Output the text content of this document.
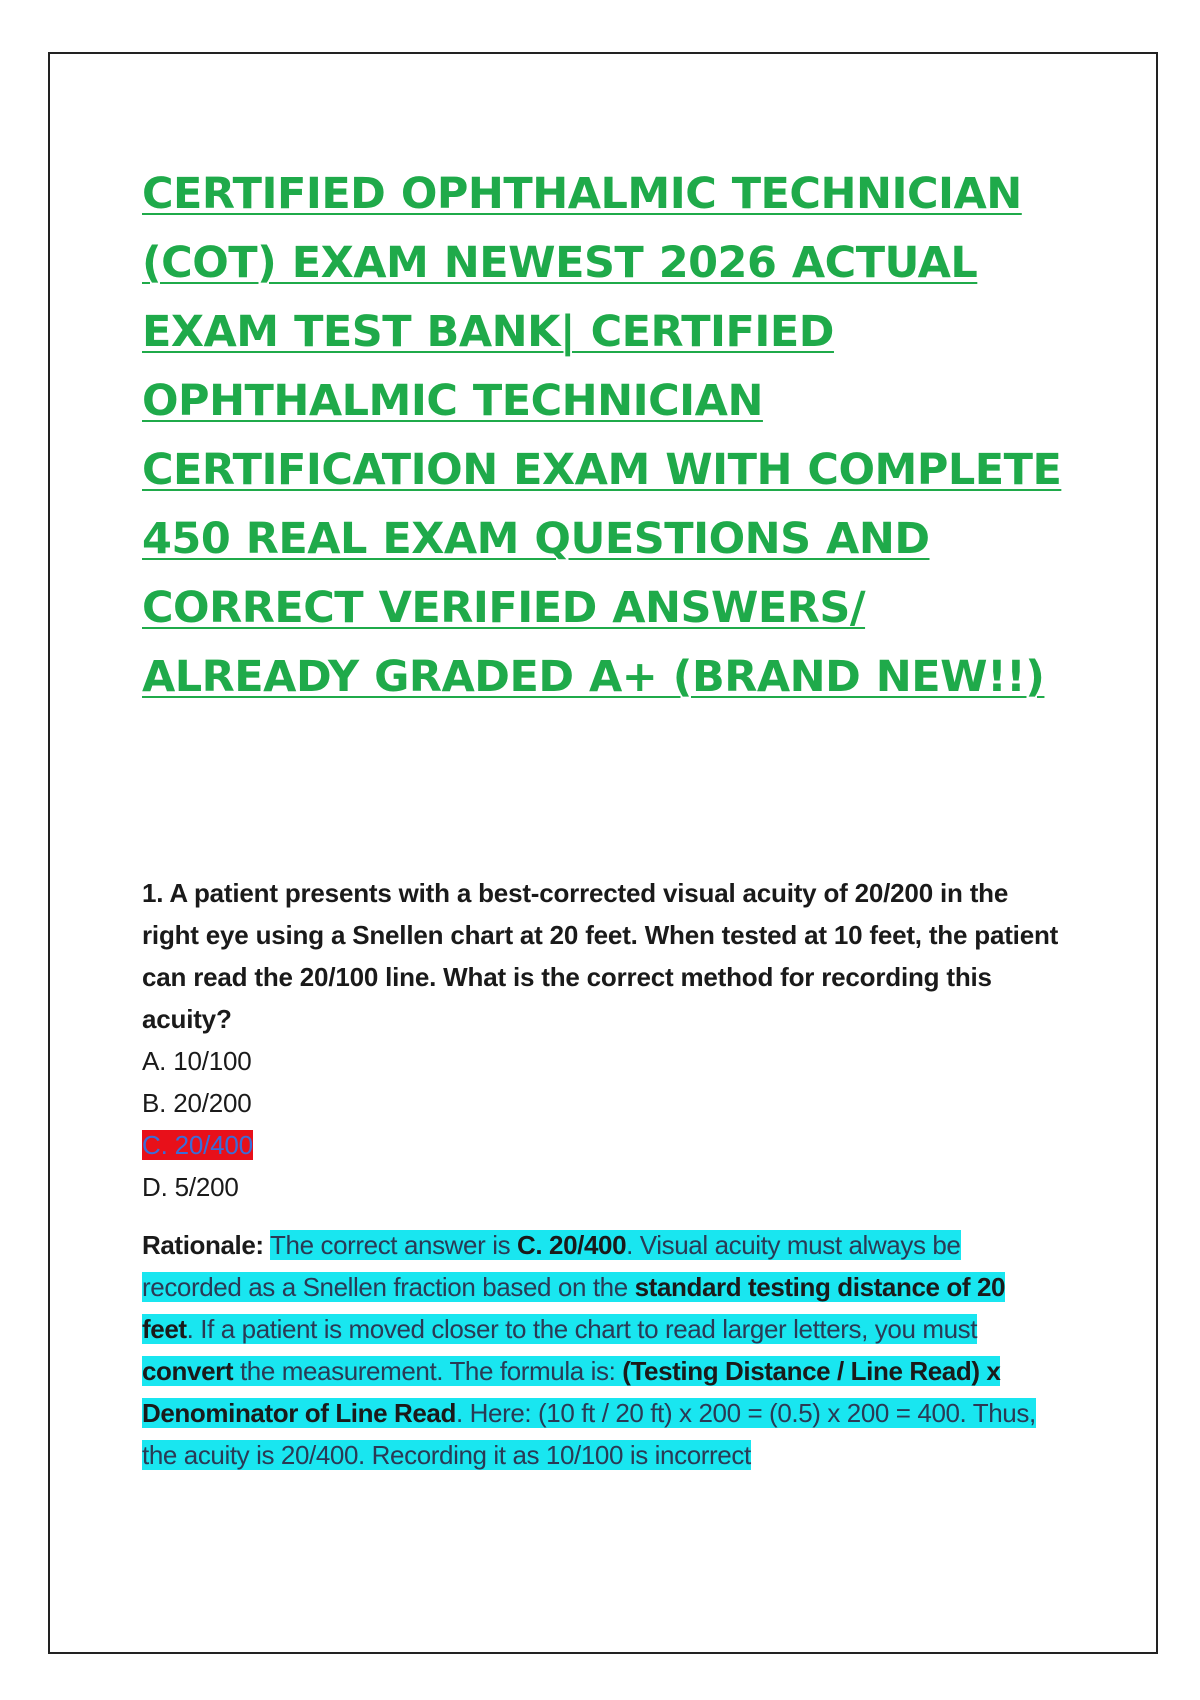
CERTIFIED OPHTHALMIC TECHNICIAN (COT) EXAM NEWEST 2026 ACTUAL EXAM TEST BANK| CERTIFIED OPHTHALMIC TECHNICIAN CERTIFICATION EXAM WITH COMPLETE 450 REAL EXAM QUESTIONS AND CORRECT VERIFIED ANSWERS/ ALREADY GRADED A+ (BRAND NEW!!)

1. A patient presents with a best-corrected visual acuity of 20/200 in the right eye using a Snellen chart at 20 feet. When tested at 10 feet, the patient can read the 20/100 line. What is the correct method for recording this acuity?

A. 10/100
B. 20/200
C. 20/400
D. 5/200

Rationale: The correct answer is C. 20/400. Visual acuity must always be recorded as a Snellen fraction based on the standard testing distance of 20 feet. If a patient is moved closer to the chart to read larger letters, you must convert the measurement. The formula is: (Testing Distance / Line Read) x Denominator of Line Read. Here: (10 ft / 20 ft) x 200 = (0.5) x 200 = 400. Thus, the acuity is 20/400. Recording it as 10/100 is incorrect
